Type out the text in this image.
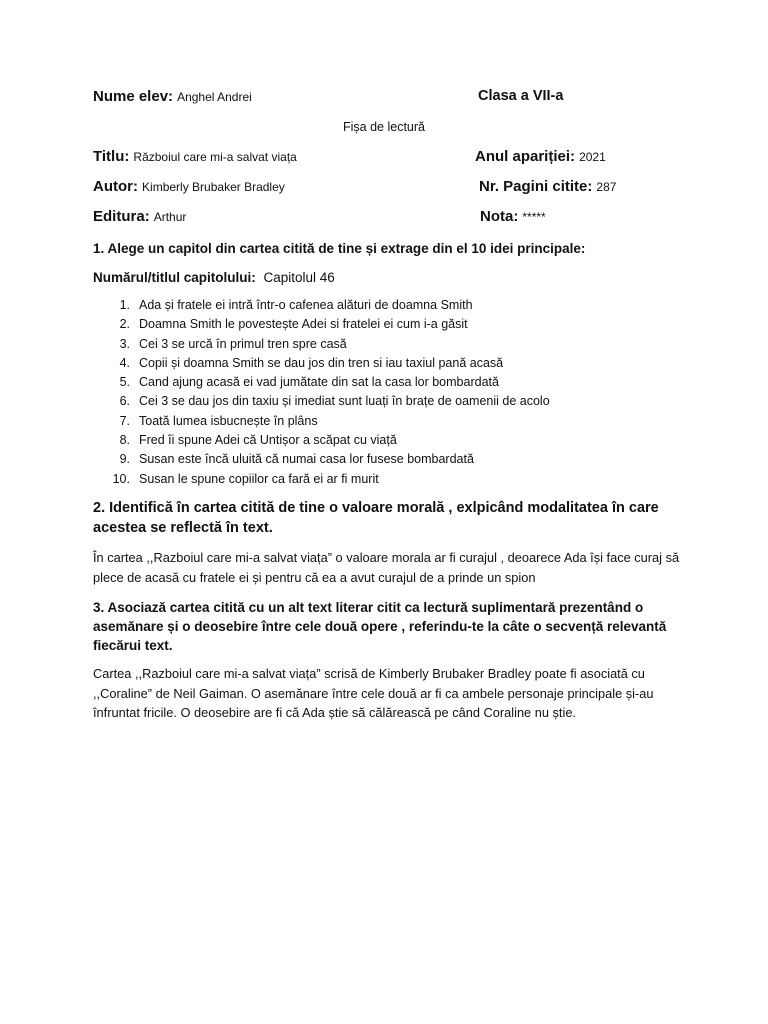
Nume elev: Anghel Andrei	Clasa a VII-a
Fișa de lectură
Titlu: Războiul care mi-a salvat viața	Anul apariției: 2021
Autor: Kimberly Brubaker Bradley	Nr. Pagini citite: 287
Editura: Arthur	Nota: *****
1. Alege un capitol din cartea citită de tine și extrage din el 10 idei principale:
Numărul/titlul capitolului: Capitolul 46
1. Ada și fratele ei intră într-o cafenea alături de doamna Smith
2. Doamna Smith le povestește Adei si fratelei ei cum i-a găsit
3. Cei 3 se urcă în primul tren spre casă
4. Copii și doamna Smith se dau jos din tren si iau taxiul pană acasă
5. Cand ajung acasă ei vad jumătate din sat la casa lor bombardată
6. Cei 3 se dau jos din taxiu și imediat sunt luați în brațe de oamenii de acolo
7. Toată lumea isbucnește în plâns
8. Fred îi spune Adei că Untișor a scăpat cu viață
9. Susan este încă uluită că numai casa lor fusese bombardată
10. Susan le spune copiilor ca fară ei ar fi murit
2. Identifică în cartea citită de tine o valoare morală , exlpicând modalitatea în care acestea se reflectă în text.
În cartea ,,Razboiul care mi-a salvat viața” o valoare morala ar fi curajul , deoarece Ada își face curaj să plece de acasă cu fratele ei și pentru că ea a avut curajul de a prinde un spion
3. Asociază cartea citită cu un alt text literar citit ca lectură suplimentară prezentând o asemănare și o deosebire între cele două opere , referindu-te la câte o secvență relevantă fiecărui text.
Cartea ,,Razboiul care mi-a salvat viața” scrisă de Kimberly Brubaker Bradley poate fi asociată cu ,,Coraline” de Neil Gaiman. O asemănare între cele două ar fi ca ambele personaje principale și-au înfruntat fricile. O deosebire are fi că Ada știe să călărească pe când Coraline nu știe.
